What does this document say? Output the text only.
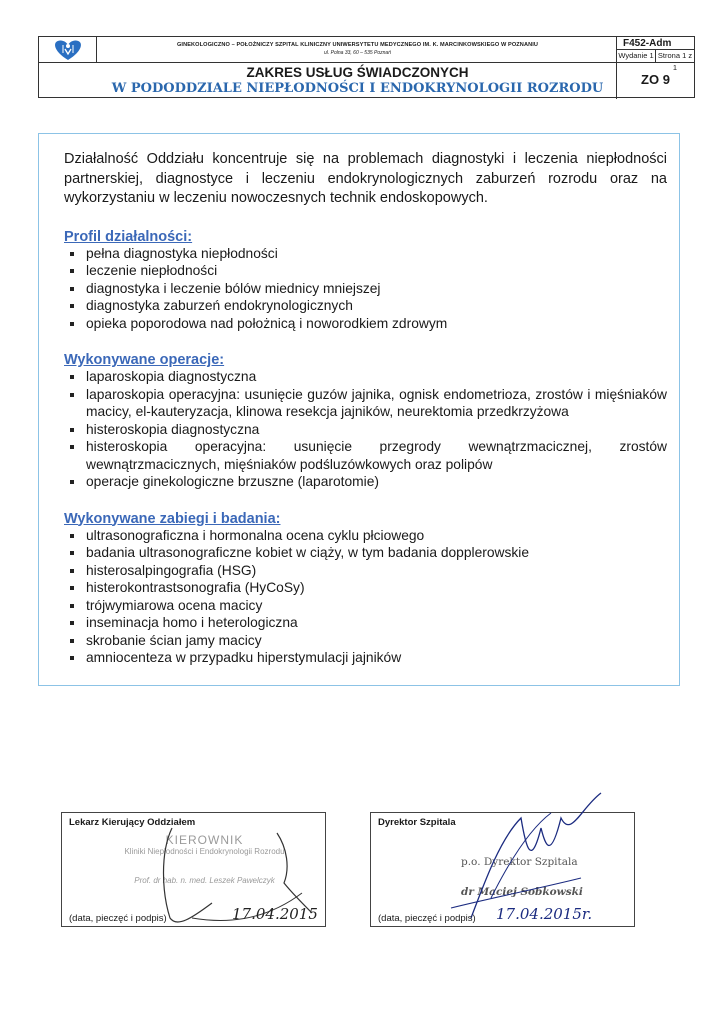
GINEKOLOGICZNO – POŁOŻNICZY SZPITAL KLINICZNY UNIWERSYTETU MEDYCZNEGO IM. K. MARCINKOWSKIEGO W POZNANIU
ul. Polna 33, 60 – 535 Poznań
ZAKRES USŁUG ŚWIADCZONYCH
W PODODDZIALE NIEPŁODNOŚCI I ENDOKRYNOLOGII ROZRODU
F452-Adm
Wydanie 1 Strona 1 z 1
ZO 9

Działalność Oddziału koncentruje się na problemach diagnostyki i leczenia niepłodności partnerskiej, diagnostyce i leczeniu endokrynologicznych zaburzeń rozrodu oraz na wykorzystaniu w leczeniu nowoczesnych technik endoskopowych.

Profil działalności:
pełna diagnostyka niepłodności
leczenie niepłodności
diagnostyka i leczenie bólów miednicy mniejszej
diagnostyka zaburzeń endokrynologicznych
opieka poporodowa nad położnicą i noworodkiem zdrowym
Wykonywane operacje:
laparoskopia diagnostyczna
laparoskopia operacyjna: usunięcie guzów jajnika, ognisk endometrioza, zrostów i mięśniaków macicy, el-kauteryzacja, klinowa resekcja jajników, neurektomia przedkrzyżowa
histeroskopia diagnostyczna
histeroskopia operacyjna: usunięcie przegrody wewnątrzmacicznej, zrostów wewnątrzmacicznych, mięśniaków podśluzówkowych oraz polipów
operacje ginekologiczne brzuszne (laparotomie)
Wykonywane zabiegi i badania:
ultrasonograficzna i hormonalna ocena cyklu płciowego
badania ultrasonograficzne kobiet w ciąży, w tym badania dopplerowskie
histerosalpingografia (HSG)
histerokontrastsonografia (HyCoSy)
trójwymiarowa ocena macicy
inseminacja homo i heterologiczna
skrobanie ścian jamy macicy
amniocenteza w przypadku hiperstymulacji jajników
Lekarz Kierujący Oddziałem
KIEROWNIK
Kliniki Niepłodności i Endokrynologii Rozrodu
Prof. dr hab. n. med. Leszek Pawelczyk
17.04.2015
(data, pieczęć i podpis)
Dyrektor Szpitala
p.o. Dyrektor Szpitala
dr Maciej Sobkowski
17.04.2015r.
(data, pieczęć i podpis)
